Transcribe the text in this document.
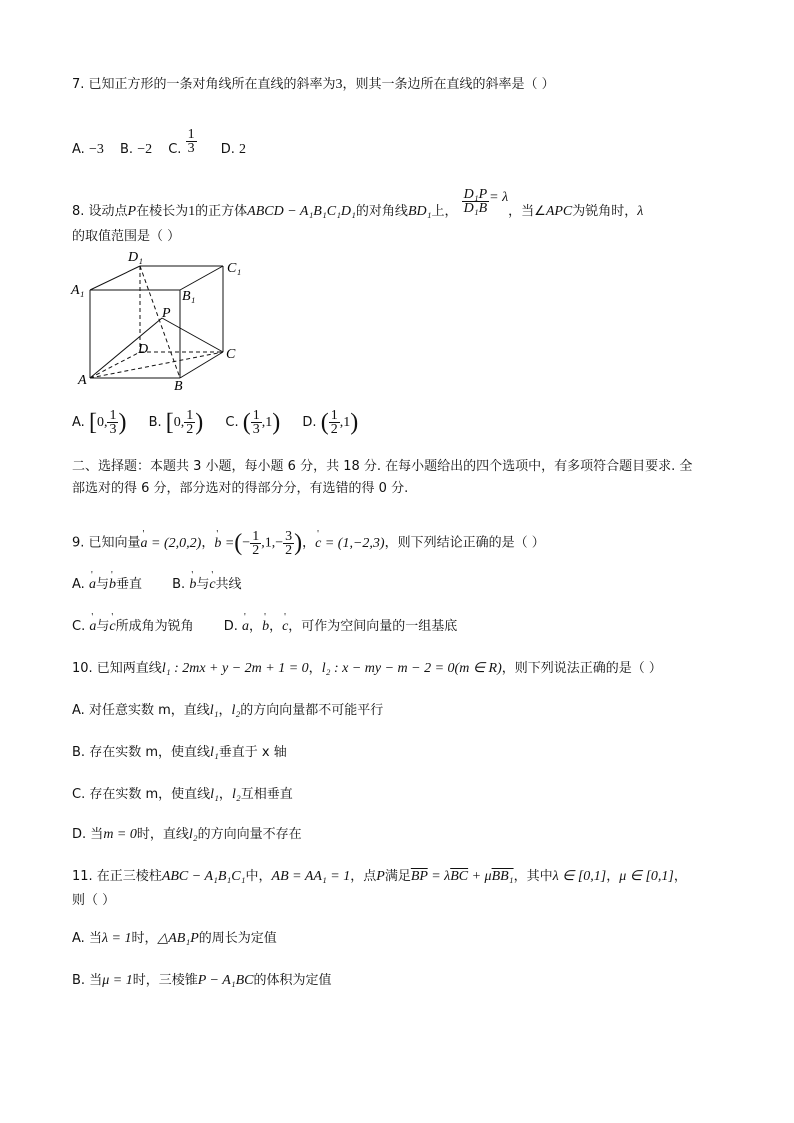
7. 已知正方形的一条对角线所在直线的斜率为3，则其一条边所在直线的斜率是（ ）
A. −3 B. −2 C. $\frac{1}{3} D$. 2
8. 设动点P在棱长为1的正方体ABCD − A₁B₁C₁D₁的对角线BD₁上， $\frac{\text{D₁P}}{\text{D₁B}} = \lambda$，当∠APC为锐角时，λ
的取值范围是（ ）
D₁
C₁
A₁	B₁
P
D	C
A	B
A. [0, $\frac{1}{3}$ ) B. [0, $\frac{1}{2}$ ) C. ( $\frac{1}{3} ,1$) D. ( $\frac{1}{2} ,1$)
二、选择题：本题共 3 小题，每小题 6 分，共 18 分. 在每小题给出的四个选项中，有多项符合题目要求. 全
部选对的得 6 分，部分选对的得部分分，有选错的得 0 分.
9. 已知向量' a = (2,0,2)，' b =(− $\frac{1}{2} ,1,- \frac{3}{2}$ )，' c = (1,−2,3)，则下列结论正确的是（ ）
A. ' a与' b垂直 B. ' b与' c共线
C. ' a与' c所成角为锐角 D. ' a，' b，' c，可作为空间向量的一组基底
10. 已知两直线l₁ : 2mx + y − 2m + 1 = 0，l₂ : x − my − m − 2 = 0(m ∈ R)，则下列说法正确的是（ ）
A. 对任意实数 m，直线l₁，l₂的方向向量都不可能平行
B. 存在实数 m，使直线l₁垂直于 x 轴
C. 存在实数 m，使直线l₁，l₂互相垂直
D. 当m = 0时，直线l₂的方向向量不存在
11. 在正三棱柱ABC − A₁B₁C₁中，AB = AA₁ = 1，点P满足$\overline{BP} = \lambda\overline{BC} + \mu BB_1$，其中λ ∈ [0,1]，μ ∈ [0,1]，
则（ ）
A. 当λ = 1时，△AB₁P的周长为定值
B. 当μ = 1时，三棱锥P − A₁BC的体积为定值
